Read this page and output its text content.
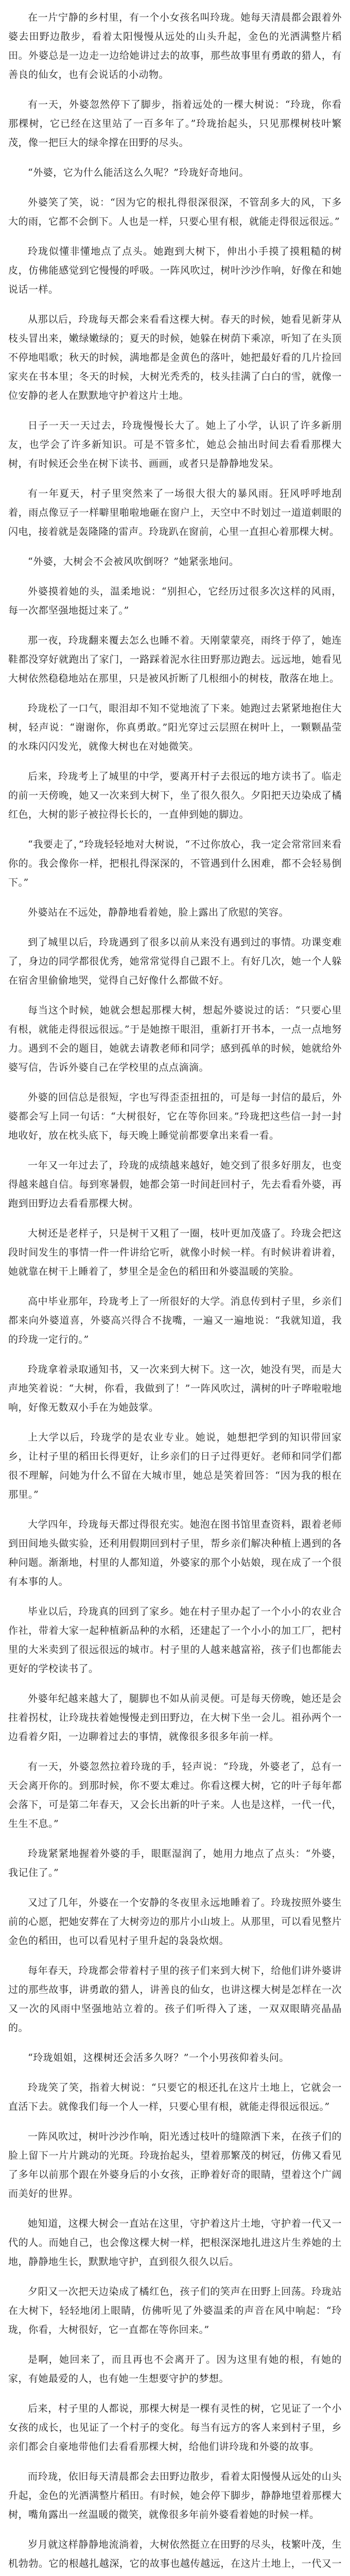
在一片宁静的乡村里，有一个小女孩名叫玲珑。她每天清晨都会跟着外婆去田野边散步，看着太阳慢慢从远处的山头升起，金色的光洒满整片稻田。外婆总是一边走一边给她讲过去的故事，那些故事里有勇敢的猎人，有善良的仙女，也有会说话的小动物。

有一天，外婆忽然停下了脚步，指着远处的一棵大树说：“玲珑，你看那棵树，它已经在这里站了一百多年了。”玲珑抬起头，只见那棵树枝叶繁茂，像一把巨大的绿伞撑在田野的尽头。

“外婆，它为什么能活这么久呢？”玲珑好奇地问。

外婆笑了笑，说：“因为它的根扎得很深很深，不管刮多大的风，下多大的雨，它都不会倒下。人也是一样，只要心里有根，就能走得很远很远。”

玲珑似懂非懂地点了点头。她跑到大树下，伸出小手摸了摸粗糙的树皮，仿佛能感觉到它慢慢的呼吸。一阵风吹过，树叶沙沙作响，好像在和她说话一样。

从那以后，玲珑每天都会来看看这棵大树。春天的时候，她看见新芽从枝头冒出来，嫩绿嫩绿的；夏天的时候，她躲在树荫下乘凉，听知了在头顶不停地唱歌；秋天的时候，满地都是金黄色的落叶，她把最好看的几片捡回家夹在书本里；冬天的时候，大树光秃秃的，枝头挂满了白白的雪，就像一位安静的老人在默默地守护着这片土地。

日子一天一天过去，玲珑慢慢长大了。她上了小学，认识了许多新朋友，也学会了许多新知识。可是不管多忙，她总会抽出时间去看看那棵大树，有时候还会坐在树下读书、画画，或者只是静静地发呆。

有一年夏天，村子里突然来了一场很大很大的暴风雨。狂风呼呼地刮着，雨点像豆子一样噼里啪啦地砸在窗户上，天空中不时划过一道道刺眼的闪电，接着就是轰隆隆的雷声。玲珑趴在窗前，心里一直担心着那棵大树。

“外婆，大树会不会被风吹倒呀？”她紧张地问。

外婆摸着她的头，温柔地说：“别担心，它经历过很多次这样的风雨，每一次都坚强地挺过来了。”

那一夜，玲珑翻来覆去怎么也睡不着。天刚蒙蒙亮，雨终于停了，她连鞋都没穿好就跑出了家门，一路踩着泥水往田野那边跑去。远远地，她看见大树依然稳稳地站在那里，只是被风折断了几根细小的树枝，散落在地上。

玲珑松了一口气，眼泪却不知不觉地流了下来。她跑过去紧紧地抱住大树，轻声说：“谢谢你，你真勇敢。”阳光穿过云层照在树叶上，一颗颗晶莹的水珠闪闪发光，就像大树也在对她微笑。

后来，玲珑考上了城里的中学，要离开村子去很远的地方读书了。临走的前一天傍晚，她又一次来到大树下，坐了很久很久。夕阳把天边染成了橘红色，大树的影子被拉得长长的，一直伸到她的脚边。

“我要走了，”玲珑轻轻地对大树说，“不过你放心，我一定会常常回来看你的。我会像你一样，把根扎得深深的，不管遇到什么困难，都不会轻易倒下。”

外婆站在不远处，静静地看着她，脸上露出了欣慰的笑容。

到了城里以后，玲珑遇到了很多以前从来没有遇到过的事情。功课变难了，身边的同学都很优秀，她常常觉得自己跟不上。有好几次，她一个人躲在宿舍里偷偷地哭，觉得自己好像什么都做不好。

每当这个时候，她就会想起那棵大树，想起外婆说过的话：“只要心里有根，就能走得很远很远。”于是她擦干眼泪，重新打开书本，一点一点地努力。遇到不会的题目，她就去请教老师和同学；感到孤单的时候，她就给外婆写信，告诉外婆自己在学校里的点点滴滴。

外婆的回信总是很短，字也写得歪歪扭扭的，可是每一封信的最后，外婆都会写上同一句话：“大树很好，它在等你回来。”玲珑把这些信一封一封地收好，放在枕头底下，每天晚上睡觉前都要拿出来看一看。

一年又一年过去了，玲珑的成绩越来越好，她交到了很多好朋友，也变得越来越自信。每到寒暑假，她都会第一时间赶回村子，先去看看外婆，再跑到田野边去看看那棵大树。

大树还是老样子，只是树干又粗了一圈，枝叶更加茂盛了。玲珑会把这段时间发生的事情一件一件讲给它听，就像小时候一样。有时候讲着讲着，她就靠在树干上睡着了，梦里全是金色的稻田和外婆温暖的笑脸。

高中毕业那年，玲珑考上了一所很好的大学。消息传到村子里，乡亲们都来向外婆道喜，外婆高兴得合不拢嘴，一遍又一遍地说：“我就知道，我的玲珑一定行的。”

玲珑拿着录取通知书，又一次来到大树下。这一次，她没有哭，而是大声地笑着说：“大树，你看，我做到了！”一阵风吹过，满树的叶子哗啦啦地响，好像无数双小手在为她鼓掌。

上大学以后，玲珑学的是农业专业。她说，她想把学到的知识带回家乡，让村子里的稻田长得更好，让乡亲们的日子过得更好。老师和同学们都很不理解，问她为什么不留在大城市里，她总是笑着回答：“因为我的根在那里。”

大学四年，玲珑每天都过得很充实。她泡在图书馆里查资料，跟着老师到田间地头做实验，还利用假期回到村子里，帮乡亲们解决种植上遇到的各种问题。渐渐地，村里的人都知道，外婆家的那个小姑娘，现在成了一个很有本事的人。

毕业以后，玲珑真的回到了家乡。她在村子里办起了一个小小的农业合作社，带着大家一起种植新品种的水稻，还建起了一个小小的加工厂，把村里的大米卖到了很远很远的城市。村子里的人越来越富裕，孩子们也都能去更好的学校读书了。

外婆年纪越来越大了，腿脚也不如从前灵便。可是每天傍晚，她还是会拄着拐杖，让玲珑扶着她慢慢走到田野边，在大树下坐一会儿。祖孙两个一边看着夕阳，一边聊着过去的事情，就像很多很多年前一样。

有一天，外婆忽然拉着玲珑的手，轻声说：“玲珑，外婆老了，总有一天会离开你的。到那时候，你不要太难过。你看这棵大树，它的叶子每年都会落下，可是第二年春天，又会长出新的叶子来。人也是这样，一代一代，生生不息。”

玲珑紧紧地握着外婆的手，眼眶湿润了，她用力地点了点头：“外婆，我记住了。”

又过了几年，外婆在一个安静的冬夜里永远地睡着了。玲珑按照外婆生前的心愿，把她安葬在了大树旁边的那片小山坡上。从那里，可以看见整片金色的稻田，也可以看见村子里升起的袅袅炊烟。

每年春天，玲珑都会带着村子里的孩子们来到大树下，给他们讲外婆讲过的那些故事，讲勇敢的猎人，讲善良的仙女，也讲这棵大树是怎样在一次又一次的风雨中坚强地站立着的。孩子们听得入了迷，一双双眼睛亮晶晶的。

“玲珑姐姐，这棵树还会活多久呀？”一个小男孩仰着头问。

玲珑笑了笑，指着大树说：“只要它的根还扎在这片土地上，它就会一直活下去。就像我们每一个人一样，只要心里有根，就能走得很远很远。”

一阵风吹过，树叶沙沙作响，阳光透过枝叶的缝隙洒下来，在孩子们的脸上留下一片片跳动的光斑。玲珑抬起头，望着那繁茂的树冠，仿佛又看见了多年以前那个跟在外婆身后的小女孩，正睁着好奇的眼睛，望着这个广阔而美好的世界。

她知道，这棵大树会一直站在这里，守护着这片土地，守护着一代又一代的人。而她自己，也会像这棵大树一样，把根深深地扎进这片生养她的土地，静静地生长，默默地守护，直到很久很久以后。

夕阳又一次把天边染成了橘红色，孩子们的笑声在田野上回荡。玲珑站在大树下，轻轻地闭上眼睛，仿佛听见了外婆温柔的声音在风中响起：“玲珑，你看，大树很好，它一直都在等你回来。”

是啊，她回来了，而且再也不会离开了。因为这里有她的根，有她的家，有她最爱的人，也有她一生想要守护的梦想。

后来，村子里的人都说，那棵大树是一棵有灵性的树，它见证了一个小女孩的成长，也见证了一个村子的变化。每当有远方的客人来到村子里，乡亲们都会自豪地带他们去看看那棵大树，给他们讲玲珑和外婆的故事。

而玲珑，依旧每天清晨都会去田野边散步，看着太阳慢慢从远处的山头升起，金色的光洒满整片稻田。有时候，她会停下脚步，静静地望着那棵大树，嘴角露出一丝温暖的微笑，就像很多年前外婆看着她的时候一样。

岁月就这样静静地流淌着，大树依然挺立在田野的尽头，枝繁叶茂，生机勃勃。它的根越扎越深，它的故事也越传越远，在这片土地上，一代又一
